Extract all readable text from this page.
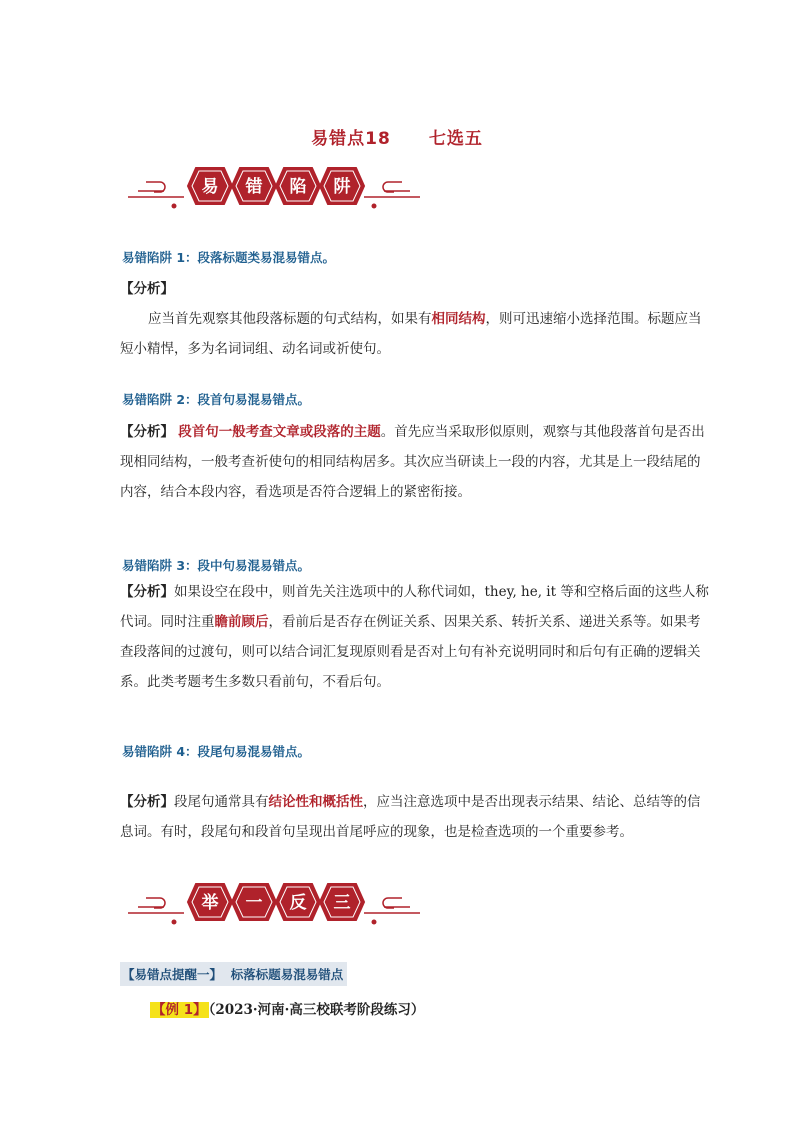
易错点18 七选五
易 错 陷 阱
易错陷阱 1：段落标题类易混易错点。
【分析】
应当首先观察其他段落标题的句式结构，如果有相同结构，则可迅速缩小选择范围。标题应当短小精悍，多为名词词组、动名词或祈使句。
易错陷阱 2：段首句易混易错点。
【分析】 段首句一般考查文章或段落的主题。首先应当采取形似原则，观察与其他段落首句是否出现相同结构，一般考查祈使句的相同结构居多。其次应当研读上一段的内容，尤其是上一段结尾的内容，结合本段内容，看选项是否符合逻辑上的紧密衔接。
易错陷阱 3：段中句易混易错点。
【分析】如果设空在段中，则首先关注选项中的人称代词如，they, he, it 等和空格后面的这些人称代词。同时注重瞻前顾后，看前后是否存在例证关系、因果关系、转折关系、递进关系等。如果考查段落间的过渡句，则可以结合词汇复现原则看是否对上句有补充说明同时和后句有正确的逻辑关系。此类考题考生多数只看前句，不看后句。
易错陷阱 4：段尾句易混易错点。
【分析】段尾句通常具有结论性和概括性，应当注意选项中是否出现表示结果、结论、总结等的信息词。有时，段尾句和段首句呈现出首尾呼应的现象，也是检查选项的一个重要参考。
举 一 反 三
【易错点提醒一】 标落标题易混易错点
【例 1】 （2023·河南·高三校联考阶段练习）
